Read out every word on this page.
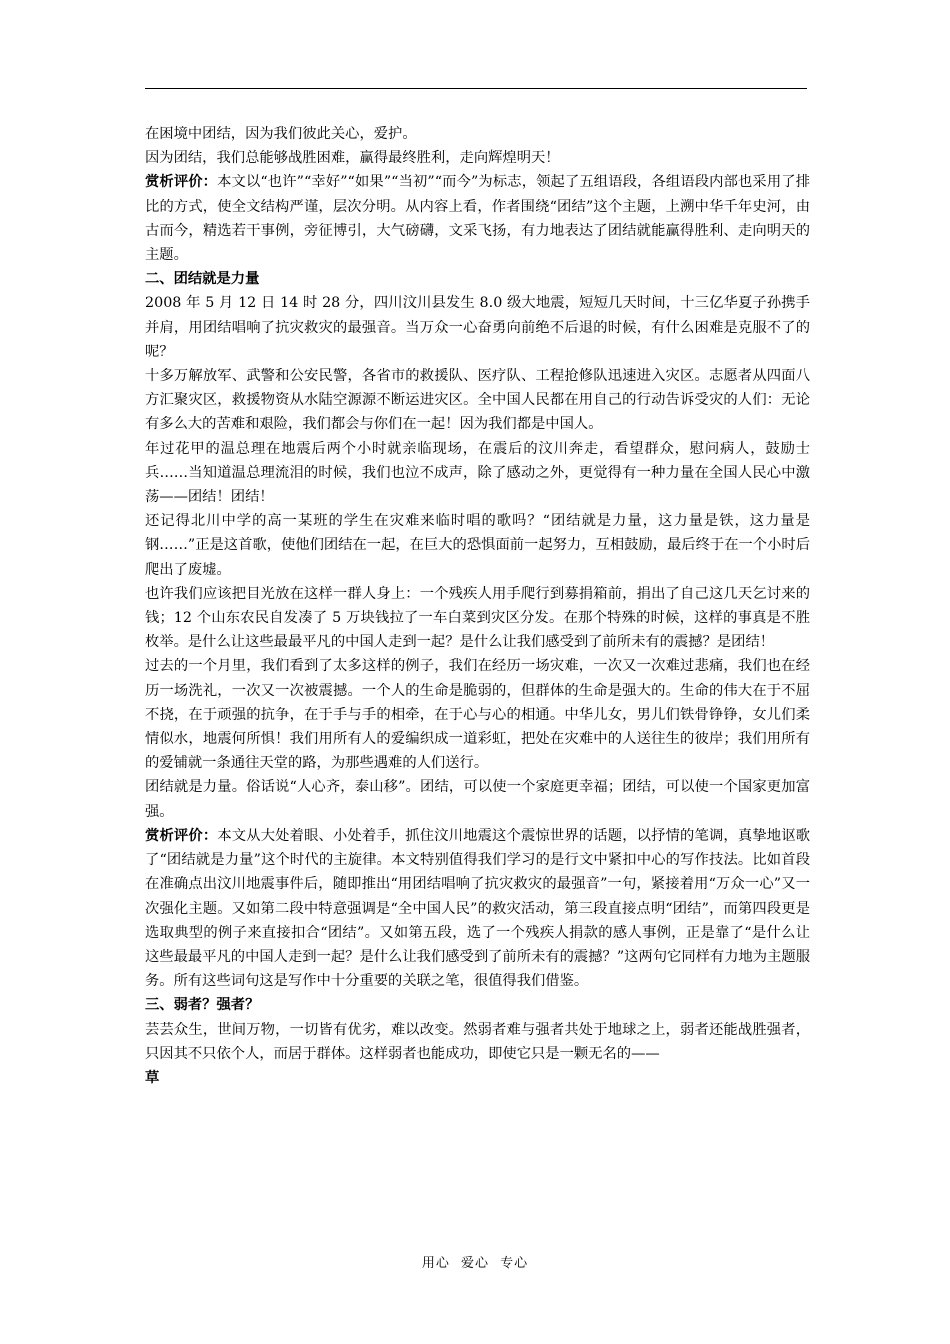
在困境中团结，因为我们彼此关心，爱护。

因为团结，我们总能够战胜困难，赢得最终胜利，走向辉煌明天！

赏析评价：本文以“也许”“幸好”“如果”“当初”“而今”为标志，领起了五组语段，各组语段内部也采用了排比的方式，使全文结构严谨，层次分明。从内容上看，作者围绕“团结”这个主题，上溯中华千年史河，由古而今，精选若干事例，旁征博引，大气磅礴，文采飞扬，有力地表达了团结就能赢得胜利、走向明天的主题。

二、团结就是力量

2008 年 5 月 12 日 14 时 28 分，四川汶川县发生 8.0 级大地震，短短几天时间，十三亿华夏子孙携手并肩，用团结唱响了抗灾救灾的最强音。当万众一心奋勇向前绝不后退的时候，有什么困难是克服不了的呢？

十多万解放军、武警和公安民警，各省市的救援队、医疗队、工程抢修队迅速进入灾区。志愿者从四面八方汇聚灾区，救援物资从水陆空源源不断运进灾区。全中国人民都在用自己的行动告诉受灾的人们：无论有多么大的苦难和艰险，我们都会与你们在一起！因为我们都是中国人。

年过花甲的温总理在地震后两个小时就亲临现场，在震后的汶川奔走，看望群众，慰问病人，鼓励士兵……当知道温总理流泪的时候，我们也泣不成声，除了感动之外，更觉得有一种力量在全国人民心中激荡——团结！团结！

还记得北川中学的高一某班的学生在灾难来临时唱的歌吗？“团结就是力量，这力量是铁，这力量是钢……”正是这首歌，使他们团结在一起，在巨大的恐惧面前一起努力，互相鼓励，最后终于在一个小时后爬出了废墟。

也许我们应该把目光放在这样一群人身上：一个残疾人用手爬行到募捐箱前，捐出了自己这几天乞讨来的钱；12 个山东农民自发凑了 5 万块钱拉了一车白菜到灾区分发。在那个特殊的时候，这样的事真是不胜枚举。是什么让这些最最平凡的中国人走到一起？是什么让我们感受到了前所未有的震撼？是团结！

过去的一个月里，我们看到了太多这样的例子，我们在经历一场灾难，一次又一次难过悲痛，我们也在经历一场洗礼，一次又一次被震撼。一个人的生命是脆弱的，但群体的生命是强大的。生命的伟大在于不屈不挠，在于顽强的抗争，在于手与手的相牵，在于心与心的相通。中华儿女，男儿们铁骨铮铮，女儿们柔情似水，地震何所惧！我们用所有人的爱编织成一道彩虹，把处在灾难中的人送往生的彼岸；我们用所有的爱铺就一条通往天堂的路，为那些遇难的人们送行。

团结就是力量。俗话说“人心齐，泰山移”。团结，可以使一个家庭更幸福；团结，可以使一个国家更加富强。

赏析评价：本文从大处着眼、小处着手，抓住汶川地震这个震惊世界的话题，以抒情的笔调，真挚地讴歌了“团结就是力量”这个时代的主旋律。本文特别值得我们学习的是行文中紧扣中心的写作技法。比如首段在准确点出汶川地震事件后，随即推出“用团结唱响了抗灾救灾的最强音”一句，紧接着用“万众一心”又一次强化主题。又如第二段中特意强调是“全中国人民”的救灾活动，第三段直接点明“团结”，而第四段更是选取典型的例子来直接扣合“团结”。又如第五段，选了一个残疾人捐款的感人事例，正是靠了“是什么让这些最最平凡的中国人走到一起？是什么让我们感受到了前所未有的震撼？”这两句它同样有力地为主题服务。所有这些词句这是写作中十分重要的关联之笔，很值得我们借鉴。

三、弱者？强者？

芸芸众生，世间万物，一切皆有优劣，难以改变。然弱者难与强者共处于地球之上，弱者还能战胜强者，只因其不只依个人，而居于群体。这样弱者也能成功，即使它只是一颗无名的——

草

用心 爱心 专心
